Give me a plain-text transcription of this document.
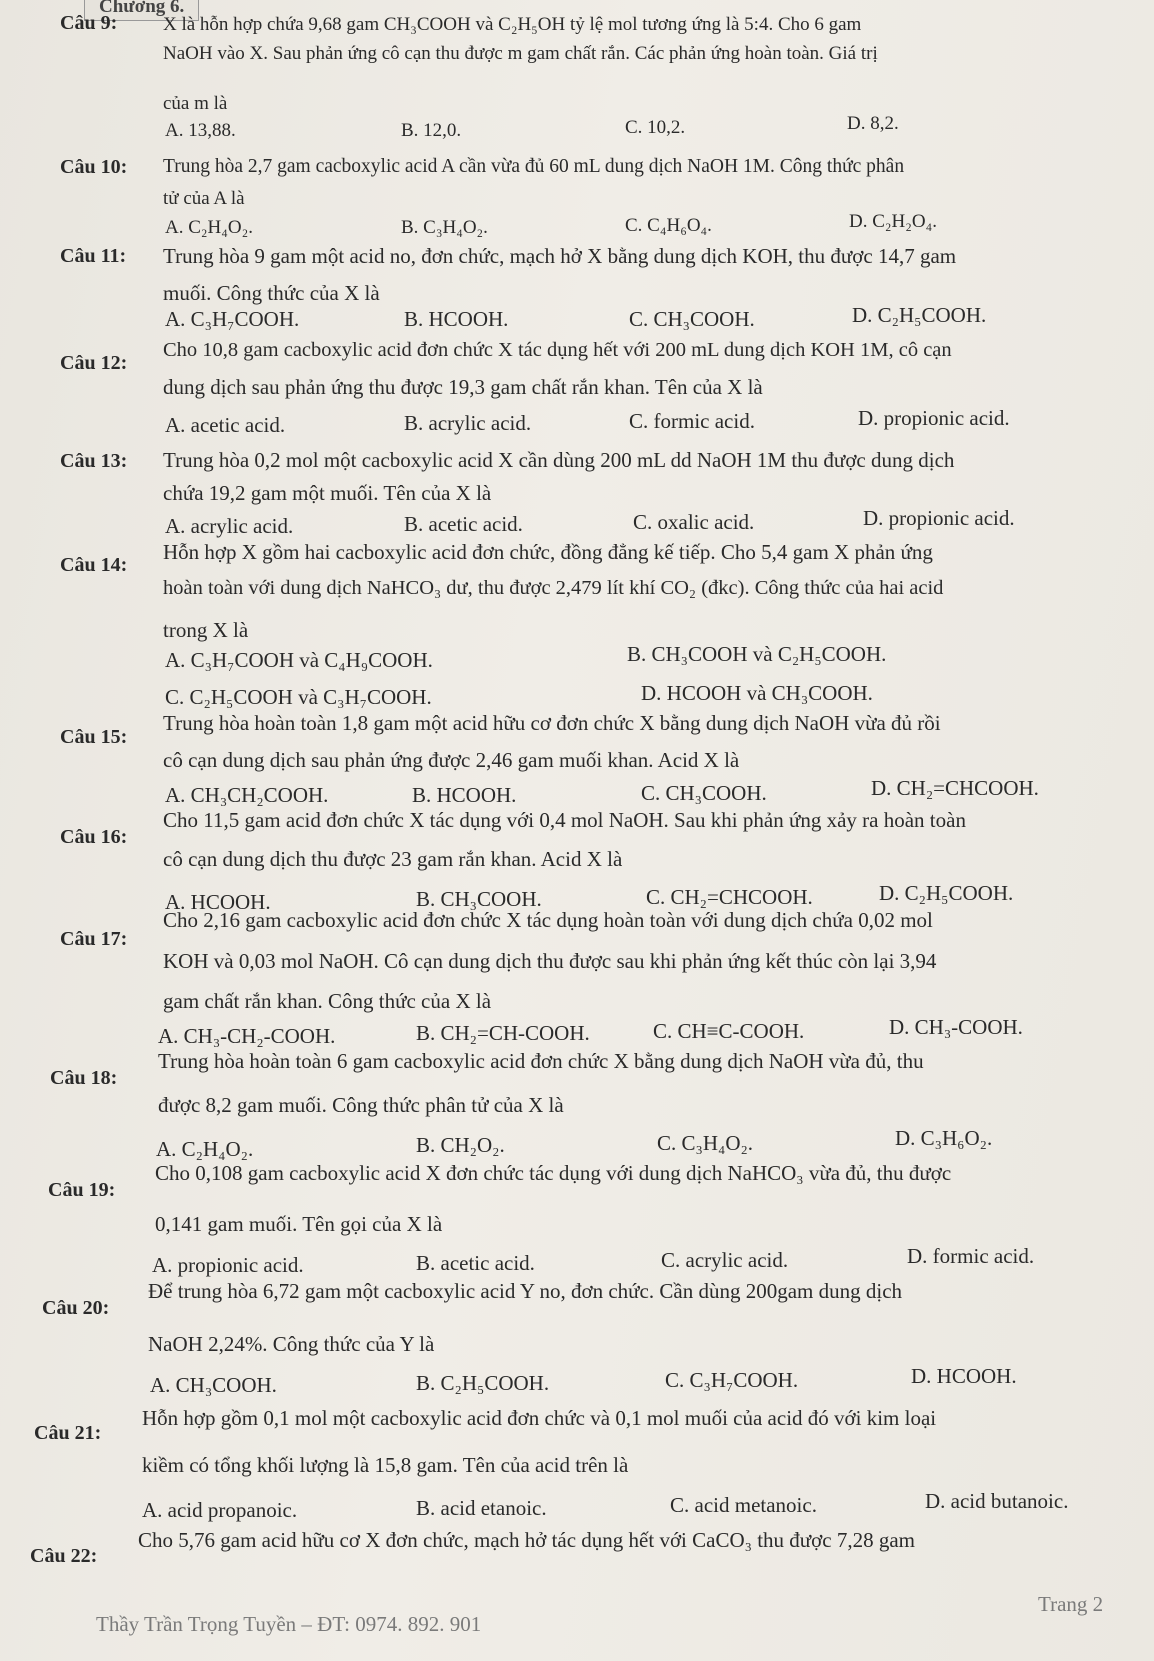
Chương 6.
Câu 9: X là hỗn hợp chứa 9,68 gam CH₃COOH và C₂H₅OH tỷ lệ mol tương ứng là 5:4. Cho 6 gam
NaOH vào X. Sau phản ứng cô cạn thu được m gam chất rắn. Các phản ứng hoàn toàn. Giá trị
của m là
A. 13,88.	B. 12,0.	C. 10,2.	D. 8,2.
Câu 10: Trung hòa 2,7 gam cacboxylic acid A cần vừa đủ 60 mL dung dịch NaOH 1M. Công thức phân
tử của A là
A. C₂H₄O₂.	B. C₃H₄O₂.	C. C₄H₆O₄.	D. C₂H₂O₄.
Câu 11: Trung hòa 9 gam một acid no, đơn chức, mạch hở X bằng dung dịch KOH, thu được 14,7 gam
muối. Công thức của X là
A. C₃H₇COOH.	B. HCOOH.	C. CH₃COOH.	D. C₂H₅COOH.
Câu 12:
Cho 10,8 gam cacboxylic acid đơn chức X tác dụng hết với 200 mL dung dịch KOH 1M, cô cạn
dung dịch sau phản ứng thu được 19,3 gam chất rắn khan. Tên của X là
A. acetic acid.	B. acrylic acid.	C. formic acid.	D. propionic acid.
Câu 13: Trung hòa 0,2 mol một cacboxylic acid X cần dùng 200 mL dd NaOH 1M thu được dung dịch
chứa 19,2 gam một muối. Tên của X là
A. acrylic acid.	B. acetic acid.	C. oxalic acid.	D. propionic acid.
Câu 14:
Hỗn hợp X gồm hai cacboxylic acid đơn chức, đồng đẳng kế tiếp. Cho 5,4 gam X phản ứng
hoàn toàn với dung dịch NaHCO₃ dư, thu được 2,479 lít khí CO₂ (đkc). Công thức của hai acid
trong X là
A. C₃H₇COOH và C₄H₉COOH.	B. CH₃COOH và C₂H₅COOH.
C. C₂H₅COOH và C₃H₇COOH.	D. HCOOH và CH₃COOH.
Câu 15:
Trung hòa hoàn toàn 1,8 gam một acid hữu cơ đơn chức X bằng dung dịch NaOH vừa đủ rồi
cô cạn dung dịch sau phản ứng được 2,46 gam muối khan. Acid X là
A. CH₃CH₂COOH.	B. HCOOH.	C. CH₃COOH.	D. CH₂=CHCOOH.
Câu 16:
Cho 11,5 gam acid đơn chức X tác dụng với 0,4 mol NaOH. Sau khi phản ứng xảy ra hoàn toàn
cô cạn dung dịch thu được 23 gam rắn khan. Acid X là
A. HCOOH.	B. CH₃COOH.	C. CH₂=CHCOOH.	D. C₂H₅COOH.
Câu 17:
Cho 2,16 gam cacboxylic acid đơn chức X tác dụng hoàn toàn với dung dịch chứa 0,02 mol
KOH và 0,03 mol NaOH. Cô cạn dung dịch thu được sau khi phản ứng kết thúc còn lại 3,94
gam chất rắn khan. Công thức của X là
A. CH₃-CH₂-COOH.	B. CH₂=CH-COOH.	C. CH≡C-COOH.	D. CH₃-COOH.
Câu 18:
Trung hòa hoàn toàn 6 gam cacboxylic acid đơn chức X bằng dung dịch NaOH vừa đủ, thu
được 8,2 gam muối. Công thức phân tử của X là
A. C₂H₄O₂.	B. CH₂O₂.	C. C₃H₄O₂.	D. C₃H₆O₂.
Câu 19:
Cho 0,108 gam cacboxylic acid X đơn chức tác dụng với dung dịch NaHCO₃ vừa đủ, thu được
0,141 gam muối. Tên gọi của X là
A. propionic acid.	B. acetic acid.	C. acrylic acid.	D. formic acid.
Câu 20:
Để trung hòa 6,72 gam một cacboxylic acid Y no, đơn chức. Cần dùng 200gam dung dịch
NaOH 2,24%. Công thức của Y là
A. CH₃COOH.	B. C₂H₅COOH.	C. C₃H₇COOH.	D. HCOOH.
Câu 21:
Hỗn hợp gồm 0,1 mol một cacboxylic acid đơn chức và 0,1 mol muối của acid đó với kim loại
kiềm có tổng khối lượng là 15,8 gam. Tên của acid trên là
A. acid propanoic.	B. acid etanoic.	C. acid metanoic.	D. acid butanoic.
Câu 22:
Cho 5,76 gam acid hữu cơ X đơn chức, mạch hở tác dụng hết với CaCO₃ thu được 7,28 gam
Thầy Trần Trọng Tuyền – ĐT: 0974. 892. 901
Trang 2
